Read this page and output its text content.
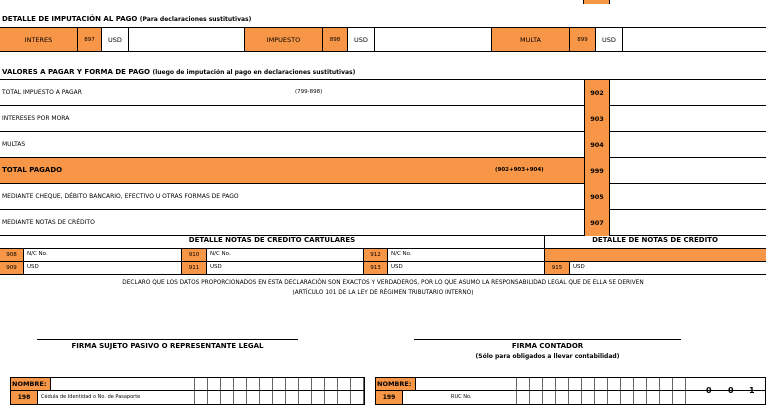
DETALLE DE IMPUTACIÓN AL PAGO (Para declaraciones sustitutivas)
INTERES	897 USD	IMPUESTO	898 USD	MULTA	899 USD
VALORES A PAGAR Y FORMA DE PAGO (luego de imputación al pago en declaraciones sustitutivas)
TOTAL IMPUESTO A PAGAR	(799-898)	902
INTERESES POR MORA	903
MULTAS	904
TOTAL PAGADO	(902+903+904)	999
MEDIANTE CHEQUE, DÉBITO BANCARIO, EFECTIVO U OTRAS FORMAS DE PAGO	905
MEDIANTE NOTAS DE CRÉDITO	907
DETALLE NOTAS DE CRÉDITO CARTULARES	DETALLE DE NOTAS DE CRÉDITO
908 N/C No.	910 N/C No.	912 N/C No.
909 USD	911 USD	913 USD	915 USD
DECLARO QUE LOS DATOS PROPORCIONADOS EN ESTA DECLARACIÓN SON EXACTOS Y VERDADEROS, POR LO QUE ASUMO LA RESPONSABILIDAD LEGAL QUE DE ELLA SE DERIVEN
(ARTÍCULO 101 DE LA LEY DE RÉGIMEN TRIBUTARIO INTERNO)
FIRMA SUJETO PASIVO O REPRESENTANTE LEGAL	FIRMA CONTADOR
(Sólo para obligados a llevar contabilidad)
NOMBRE:
198 Cédula de Identidad o No. de Pasaporte
NOMBRE:
199	RUC No.
0 0 1
